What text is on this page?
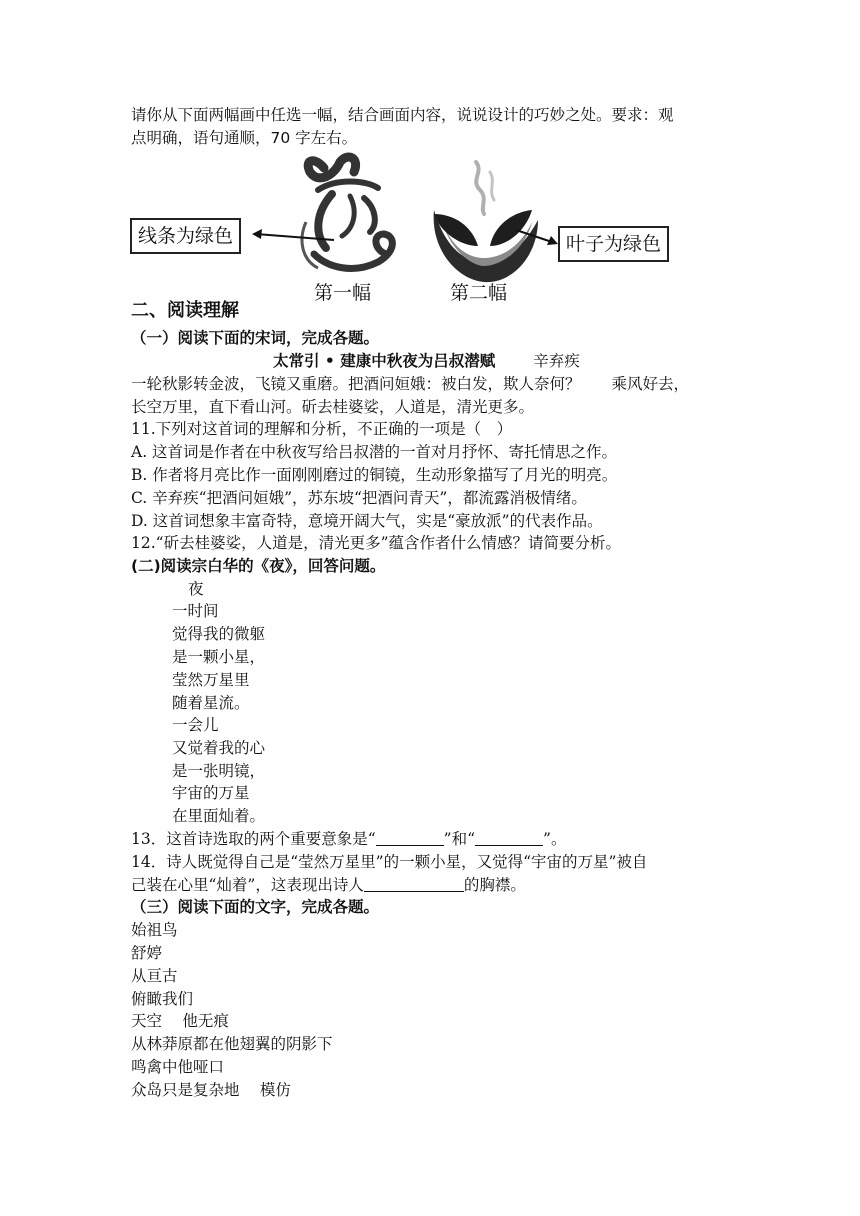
请你从下面两幅画中任选一幅，结合画面内容，说说设计的巧妙之处。要求：观
点明确，语句通顺，70 字左右。
线条为绿色	叶子为绿色
第一幅	第二幅
二、阅读理解
（一）阅读下面的宋词，完成各题。
太常引 • 建康中秋夜为吕叔潜赋 辛弃疾
一轮秋影转金波，飞镜又重磨。把酒问姮娥：被白发，欺人奈何？　　乘风好去，
长空万里，直下看山河。斫去桂婆娑，人道是，清光更多。
11.下列对这首词的理解和分析，不正确的一项是（　）
A. 这首词是作者在中秋夜写给吕叔潜的一首对月抒怀、寄托情思之作。
B. 作者将月亮比作一面刚刚磨过的铜镜，生动形象描写了月光的明亮。
C. 辛弃疾“把酒问姮娥”，苏东坡“把酒问青天”，都流露消极情绪。
D. 这首词想象丰富奇特，意境开阔大气，实是“豪放派”的代表作品。
12.“斫去桂婆娑，人道是，清光更多”蕴含作者什么情感？请简要分析。
(二)阅读宗白华的《夜》，回答问题。
夜
一时间
觉得我的微躯
是一颗小星，
莹然万星里
随着星流。
一会儿
又觉着我的心
是一张明镜，
宇宙的万星
在里面灿着。
13．这首诗选取的两个重要意象是“	”和“	”。
14．诗人既觉得自己是“莹然万星里”的一颗小星，又觉得“宇宙的万星”被自
己装在心里“灿着”，这表现出诗人	的胸襟。
（三）阅读下面的文字，完成各题。
始祖鸟
舒婷
从亘古
俯瞰我们
天空　 他无痕
从林莽原都在他翅翼的阴影下
鸣禽中他哑口
众岛只是复杂地　 模仿
